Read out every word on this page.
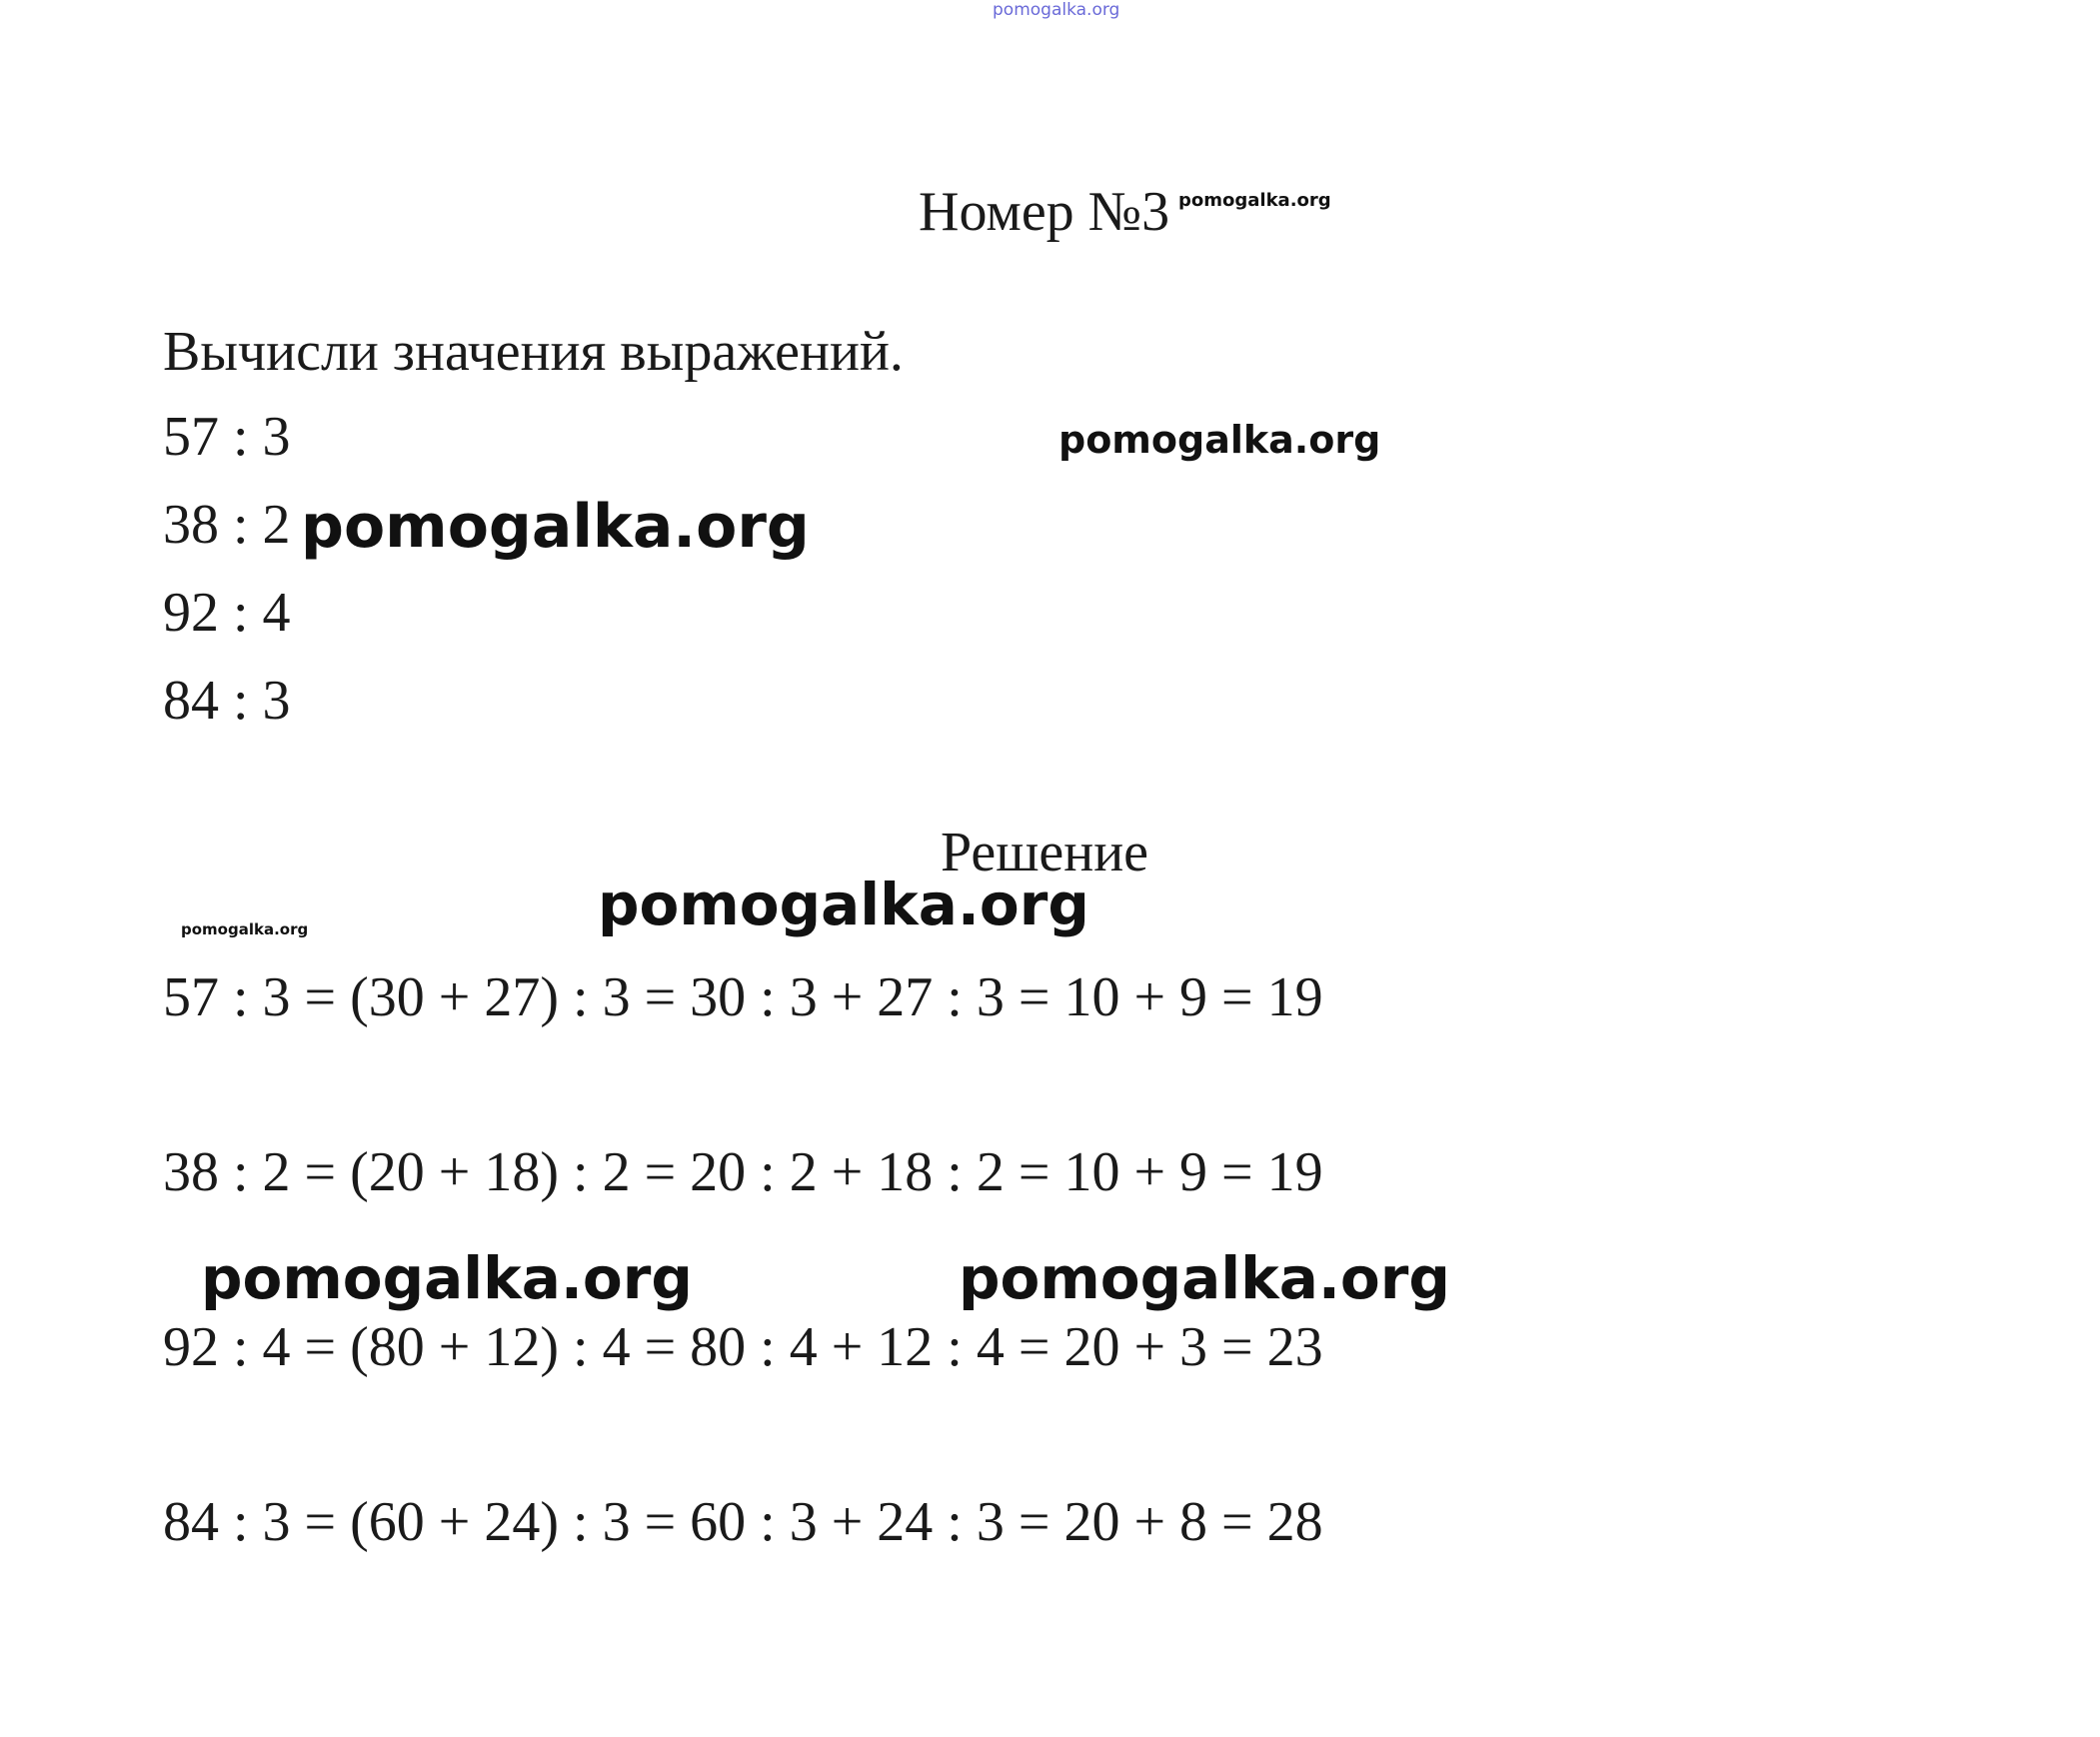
pomogalka.org
Номер №3 pomogalka.org
Вычисли значения выражений.
57 : 3	pomogalka.org
38 : 2 pomogalka.org
92 : 4
84 : 3
Решение
pomogalka.org
pomogalka.org
57 : 3 = (30 + 27) : 3 = 30 : 3 + 27 : 3 = 10 + 9 = 19
38 : 2 = (20 + 18) : 2 = 20 : 2 + 18 : 2 = 10 + 9 = 19
pomogalka.org	pomogalka.org
92 : 4 = (80 + 12) : 4 = 80 : 4 + 12 : 4 = 20 + 3 = 23
84 : 3 = (60 + 24) : 3 = 60 : 3 + 24 : 3 = 20 + 8 = 28
